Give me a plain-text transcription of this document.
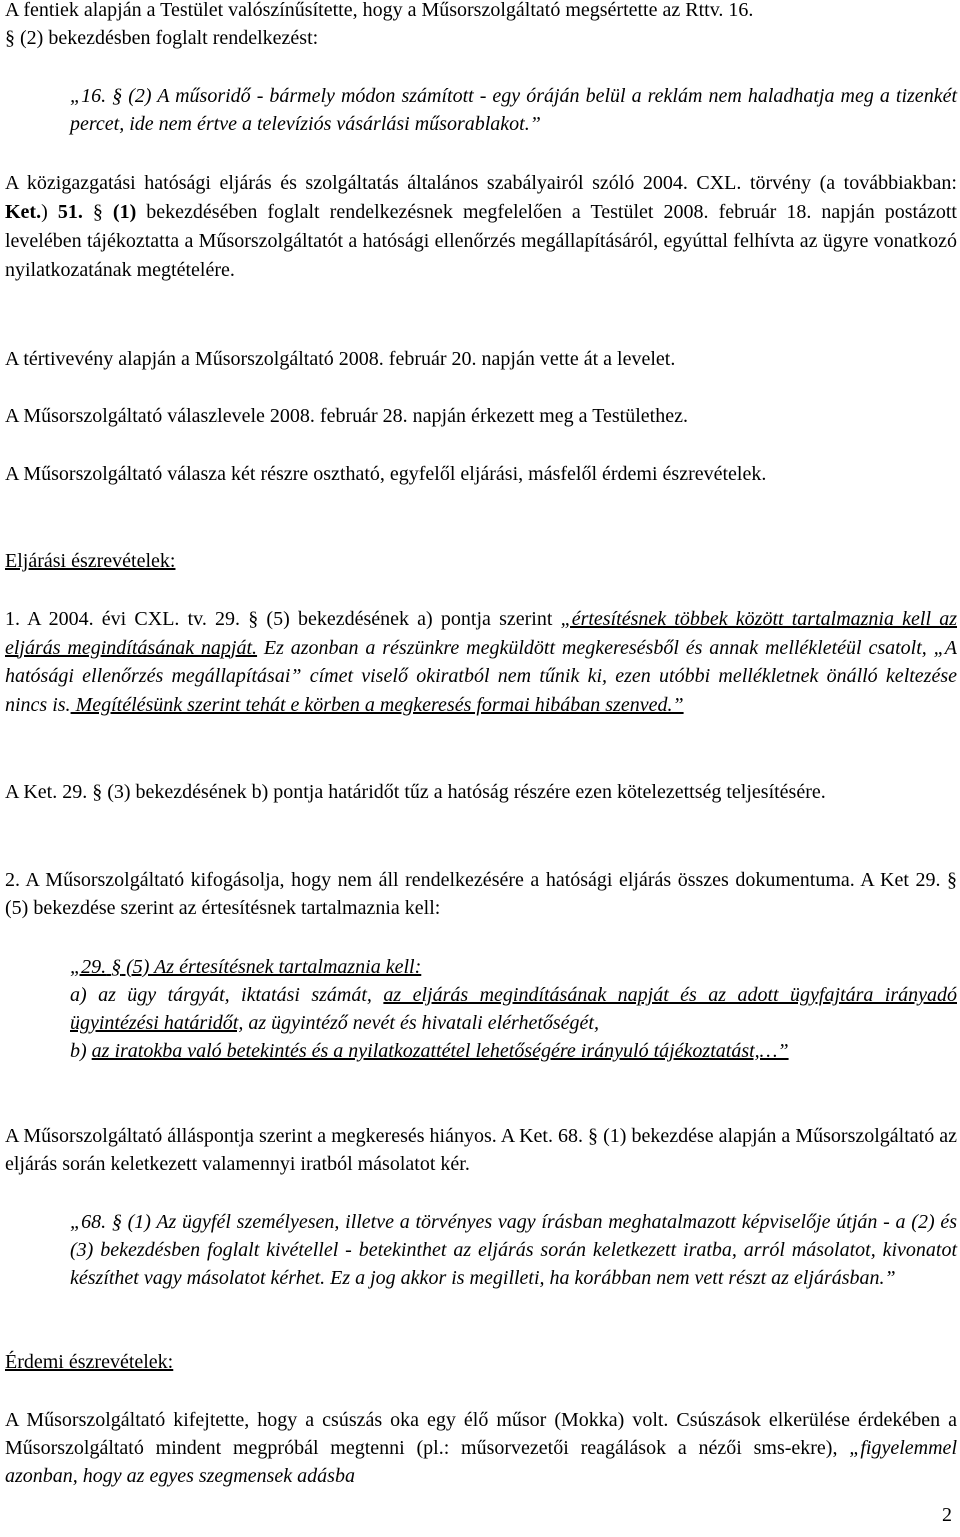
A fentiek alapján a Testület valószínűsítette, hogy a Műsorszolgáltató megsértette az Rttv. 16.
§ (2) bekezdésben foglalt rendelkezést:

„16. § (2) A műsoridő - bármely módon számított - egy óráján belül a reklám nem haladhatja meg a tizenkét percet, ide nem értve a televíziós vásárlási műsorablakot.”

A közigazgatási hatósági eljárás és szolgáltatás általános szabályairól szóló 2004. CXL. törvény (a továbbiakban: Ket.) 51. § (1) bekezdésében foglalt rendelkezésnek megfelelően a Testület 2008. február 18. napján postázott levelében tájékoztatta a Műsorszolgáltatót a hatósági ellenőrzés megállapításáról, egyúttal felhívta az ügyre vonatkozó nyilatkozatának megtételére.

A tértivevény alapján a Műsorszolgáltató 2008. február 20. napján vette át a levelet.

A Műsorszolgáltató válaszlevele 2008. február 28. napján érkezett meg a Testülethez.

A Műsorszolgáltató válasza két részre osztható, egyfelől eljárási, másfelől érdemi észrevételek.

Eljárási észrevételek:

1. A 2004. évi CXL. tv. 29. § (5) bekezdésének a) pontja szerint „értesítésnek többek között tartalmaznia kell az eljárás megindításának napját. Ez azonban a részünkre megküldött megkeresésből és annak mellékletéül csatolt, „A hatósági ellenőrzés megállapításai” címet viselő okiratból nem tűnik ki, ezen utóbbi mellékletnek önálló keltezése nincs is. Megítélésünk szerint tehát e körben a megkeresés formai hibában szenved.”

A Ket. 29. § (3) bekezdésének b) pontja határidőt tűz a hatóság részére ezen kötelezettség teljesítésére.

2. A Műsorszolgáltató kifogásolja, hogy nem áll rendelkezésére a hatósági eljárás összes dokumentuma. A Ket 29. § (5) bekezdése szerint az értesítésnek tartalmaznia kell:

„29. § (5) Az értesítésnek tartalmaznia kell:

a) az ügy tárgyát, iktatási számát, az eljárás megindításának napját és az adott ügyfajtára irányadó ügyintézési határidőt, az ügyintéző nevét és hivatali elérhetőségét,

b) az iratokba való betekintés és a nyilatkozattétel lehetőségére irányuló tájékoztatást,…”

A Műsorszolgáltató álláspontja szerint a megkeresés hiányos. A Ket. 68. § (1) bekezdése alapján a Műsorszolgáltató az eljárás során keletkezett valamennyi iratból másolatot kér.

„68. § (1) Az ügyfél személyesen, illetve a törvényes vagy írásban meghatalmazott képviselője útján - a (2) és (3) bekezdésben foglalt kivétellel - betekinthet az eljárás során keletkezett iratba, arról másolatot, kivonatot készíthet vagy másolatot kérhet. Ez a jog akkor is megilleti, ha korábban nem vett részt az eljárásban.”

Érdemi észrevételek:

A Műsorszolgáltató kifejtette, hogy a csúszás oka egy élő műsor (Mokka) volt. Csúszások elkerülése érdekében a Műsorszolgáltató mindent megpróbál megtenni (pl.: műsorvezetői reagálások a nézői sms-ekre), „figyelemmel azonban, hogy az egyes szegmensek adásba

2
